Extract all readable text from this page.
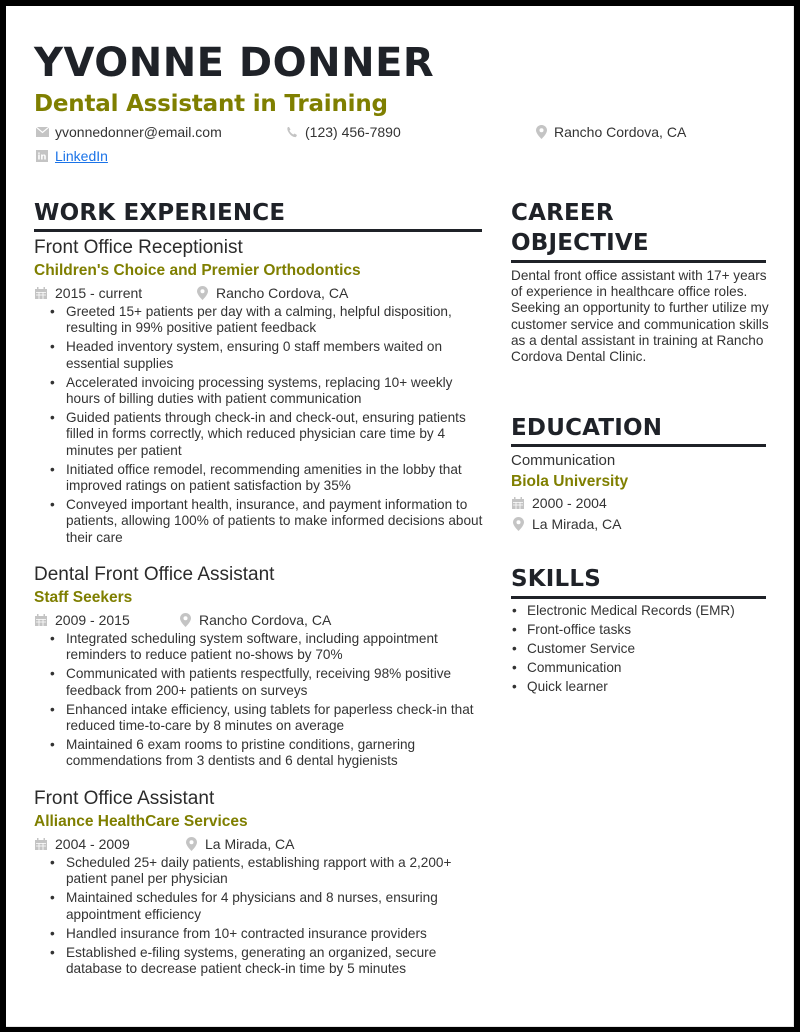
YVONNE DONNER
Dental Assistant in Training
yvonnedonner@email.com	(123) 456-7890	Rancho Cordova, CA
in LinkedIn
WORK EXPERIENCE
Front Office Receptionist
Children's Choice and Premier Orthodontics
2015 - current	Rancho Cordova, CA
• Greeted 15+ patients per day with a calming, helpful disposition, resulting in 99% positive patient feedback
• Headed inventory system, ensuring 0 staff members waited on essential supplies
• Accelerated invoicing processing systems, replacing 10+ weekly hours of billing duties with patient communication
• Guided patients through check-in and check-out, ensuring patients filled in forms correctly, which reduced physician care time by 4 minutes per patient
• Initiated office remodel, recommending amenities in the lobby that improved ratings on patient satisfaction by 35%
• Conveyed important health, insurance, and payment information to patients, allowing 100% of patients to make informed decisions about their care
Dental Front Office Assistant
Staff Seekers
2009 - 2015	Rancho Cordova, CA
• Integrated scheduling system software, including appointment reminders to reduce patient no-shows by 70%
• Communicated with patients respectfully, receiving 98% positive feedback from 200+ patients on surveys
• Enhanced intake efficiency, using tablets for paperless check-in that reduced time-to-care by 8 minutes on average
• Maintained 6 exam rooms to pristine conditions, garnering commendations from 3 dentists and 6 dental hygienists
Front Office Assistant
Alliance HealthCare Services
2004 - 2009	La Mirada, CA
• Scheduled 25+ daily patients, establishing rapport with a 2,200+ patient panel per physician
• Maintained schedules for 4 physicians and 8 nurses, ensuring appointment efficiency
• Handled insurance from 10+ contracted insurance providers
• Established e-filing systems, generating an organized, secure database to decrease patient check-in time by 5 minutes
CAREER
OBJECTIVE
Dental front office assistant with 17+ years of experience in healthcare office roles. Seeking an opportunity to further utilize my customer service and communication skills as a dental assistant in training at Rancho Cordova Dental Clinic.
EDUCATION
Communication
Biola University
2000 - 2004
La Mirada, CA
SKILLS
• Electronic Medical Records (EMR)
• Front-office tasks
• Customer Service
• Communication
• Quick learner
